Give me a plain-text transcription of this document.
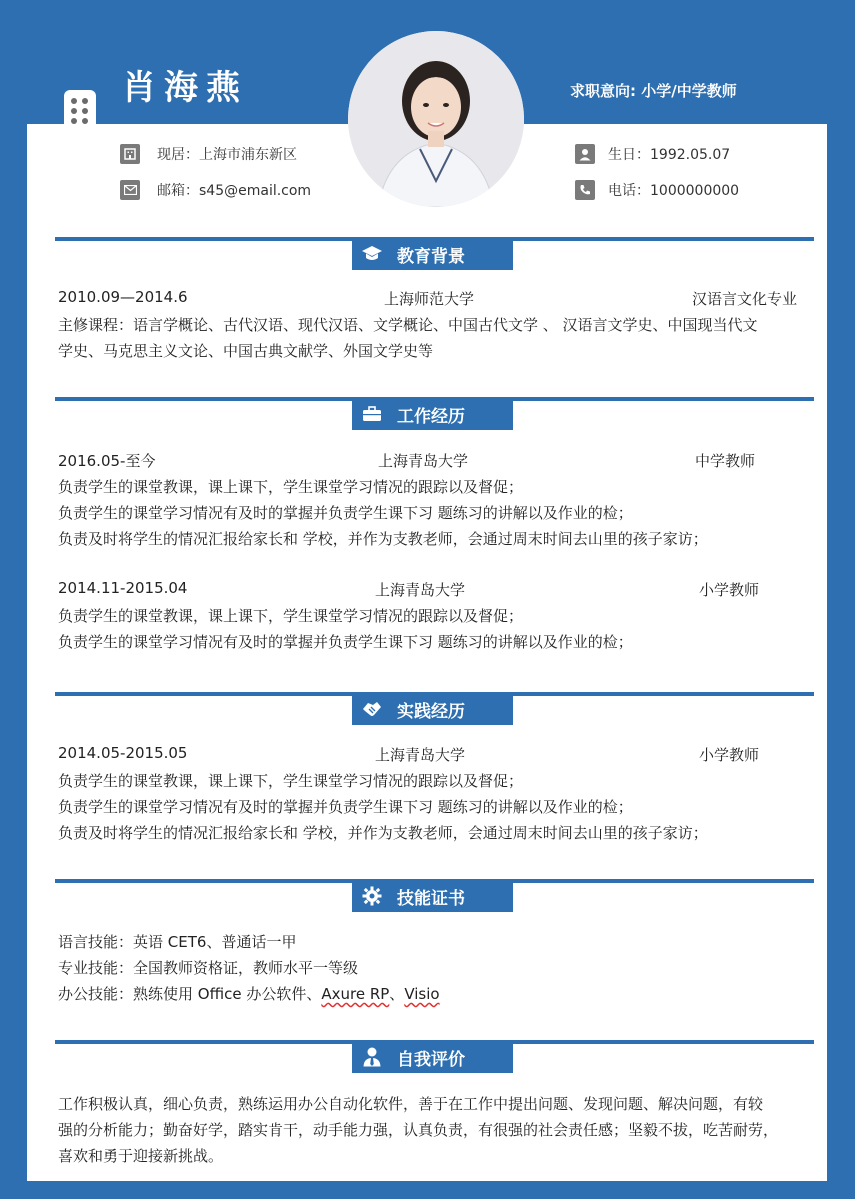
肖海燕	求职意向: 小学/中学教师
现居：上海市浦东新区
邮箱：s45@email.com
生日：1992.05.07
电话：1000000000
教育背景
2010.09—2014.6	上海师范大学	汉语言文化专业
主修课程：语言学概论、古代汉语、现代汉语、文学概论、中国古代文学 、 汉语言文学史、中国现当代文
学史、马克思主义文论、中国古典文献学、外国文学史等
工作经历
2016.05-至今	上海青岛大学	中学教师
负责学生的课堂教课，课上课下，学生课堂学习情况的跟踪以及督促；
负责学生的课堂学习情况有及时的掌握并负责学生课下习 题练习的讲解以及作业的检；
负责及时将学生的情况汇报给家长和 学校，并作为支教老师，会通过周末时间去山里的孩子家访；
2014.11-2015.04	上海青岛大学	小学教师
负责学生的课堂教课，课上课下，学生课堂学习情况的跟踪以及督促；
负责学生的课堂学习情况有及时的掌握并负责学生课下习 题练习的讲解以及作业的检；
实践经历
2014.05-2015.05	上海青岛大学	小学教师
负责学生的课堂教课，课上课下，学生课堂学习情况的跟踪以及督促；
负责学生的课堂学习情况有及时的掌握并负责学生课下习 题练习的讲解以及作业的检；
负责及时将学生的情况汇报给家长和 学校，并作为支教老师，会通过周末时间去山里的孩子家访；
技能证书
语言技能：英语 CET6、普通话一甲
专业技能：全国教师资格证，教师水平一等级
办公技能：熟练使用 Office 办公软件、Axure RP、Visio
自我评价
工作积极认真，细心负责，熟练运用办公自动化软件，善于在工作中提出问题、发现问题、解决问题，有较
强的分析能力；勤奋好学，踏实肯干，动手能力强，认真负责，有很强的社会责任感；坚毅不拔，吃苦耐劳，
喜欢和勇于迎接新挑战。
